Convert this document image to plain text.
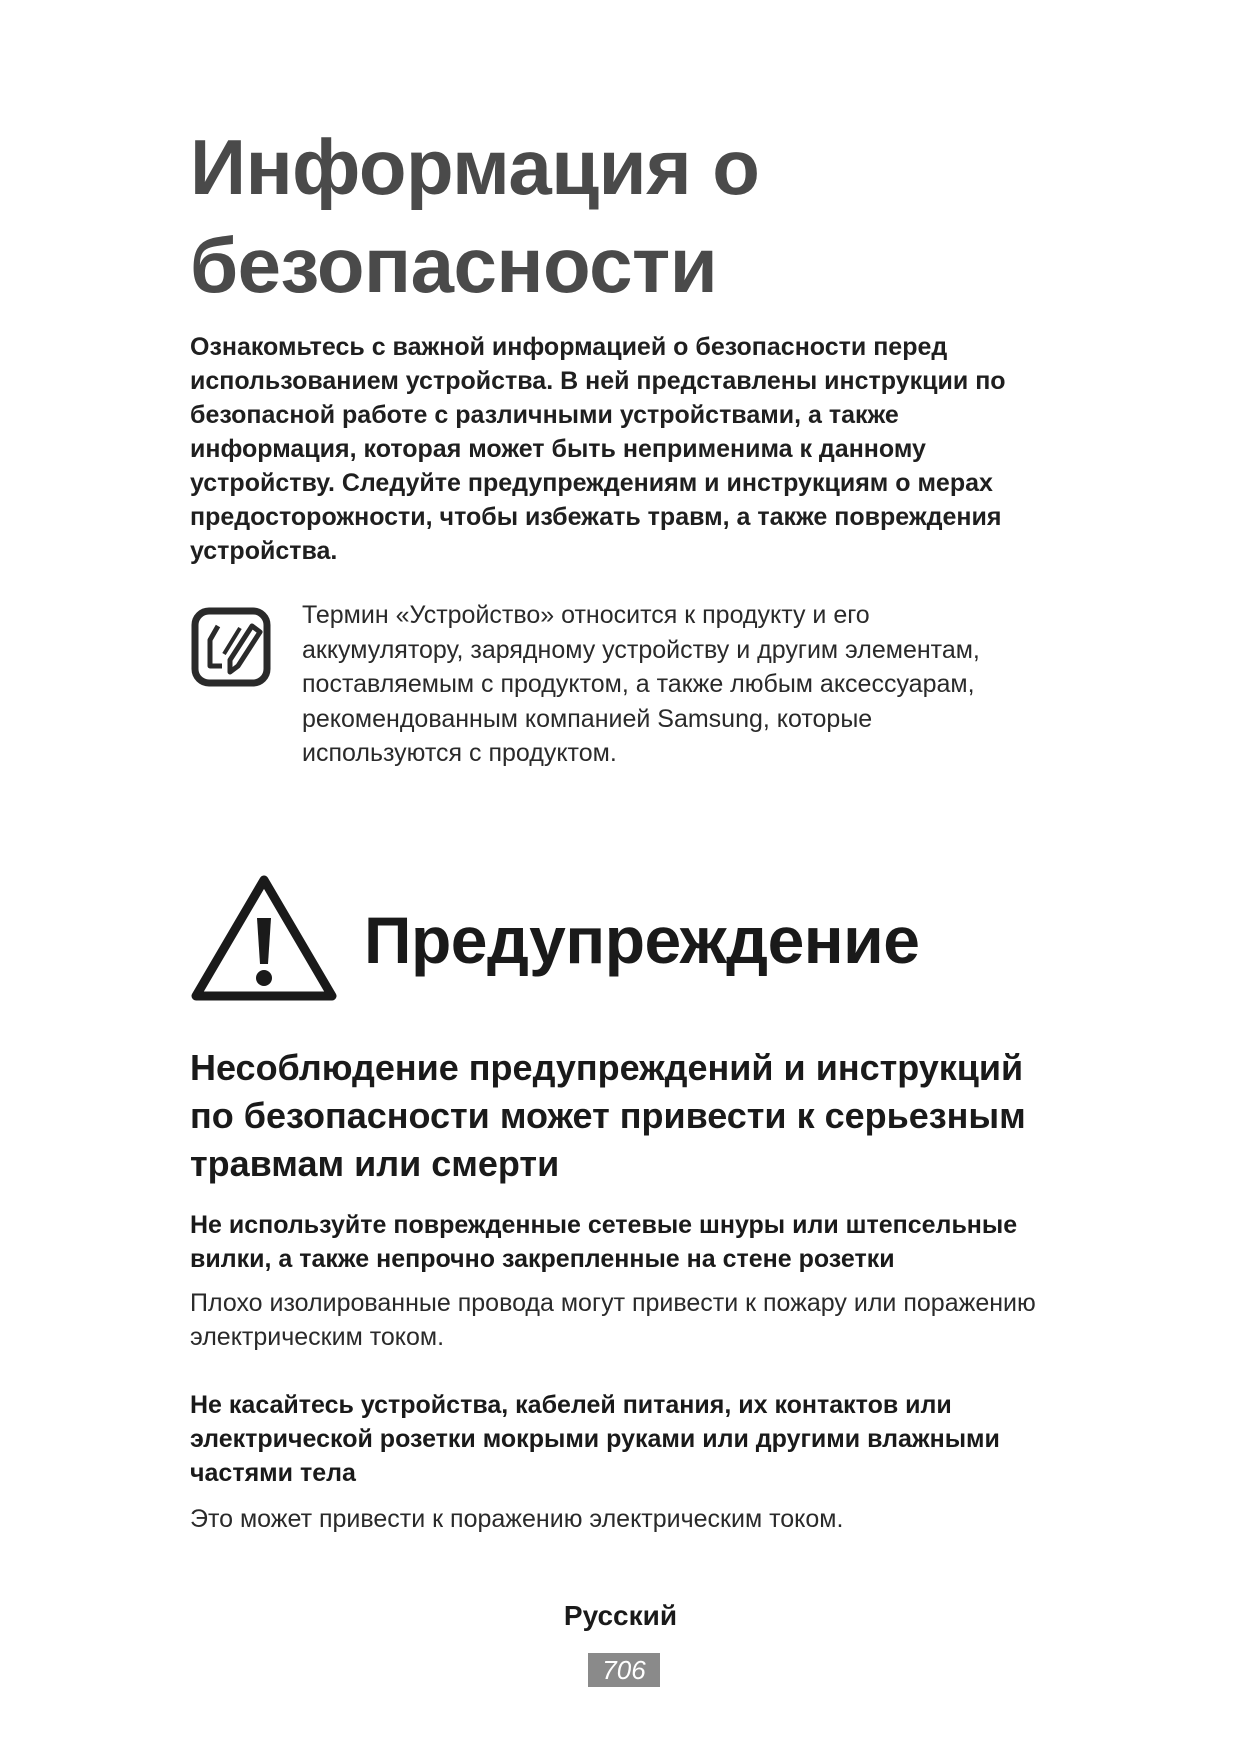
Информация о безопасности

Ознакомьтесь с важной информацией о безопасности перед использованием устройства. В ней представлены инструкции по безопасной работе с различными устройствами, а также информация, которая может быть неприменима к данному устройству. Следуйте предупреждениям и инструкциям о мерах предосторожности, чтобы избежать травм, а также повреждения устройства.

Термин «Устройство» относится к продукту и его аккумулятору, зарядному устройству и другим элементам, поставляемым с продуктом, а также любым аксессуарам, рекомендованным компанией Samsung, которые используются с продуктом.

Предупреждение
Несоблюдение предупреждений и инструкций по безопасности может привести к серьезным травмам или смерти

Не используйте поврежденные сетевые шнуры или штепсельные вилки, а также непрочно закрепленные на стене розетки

Плохо изолированные провода могут привести к пожару или поражению электрическим током.

Не касайтесь устройства, кабелей питания, их контактов или электрической розетки мокрыми руками или другими влажными частями тела

Это может привести к поражению электрическим током.

Русский

706
